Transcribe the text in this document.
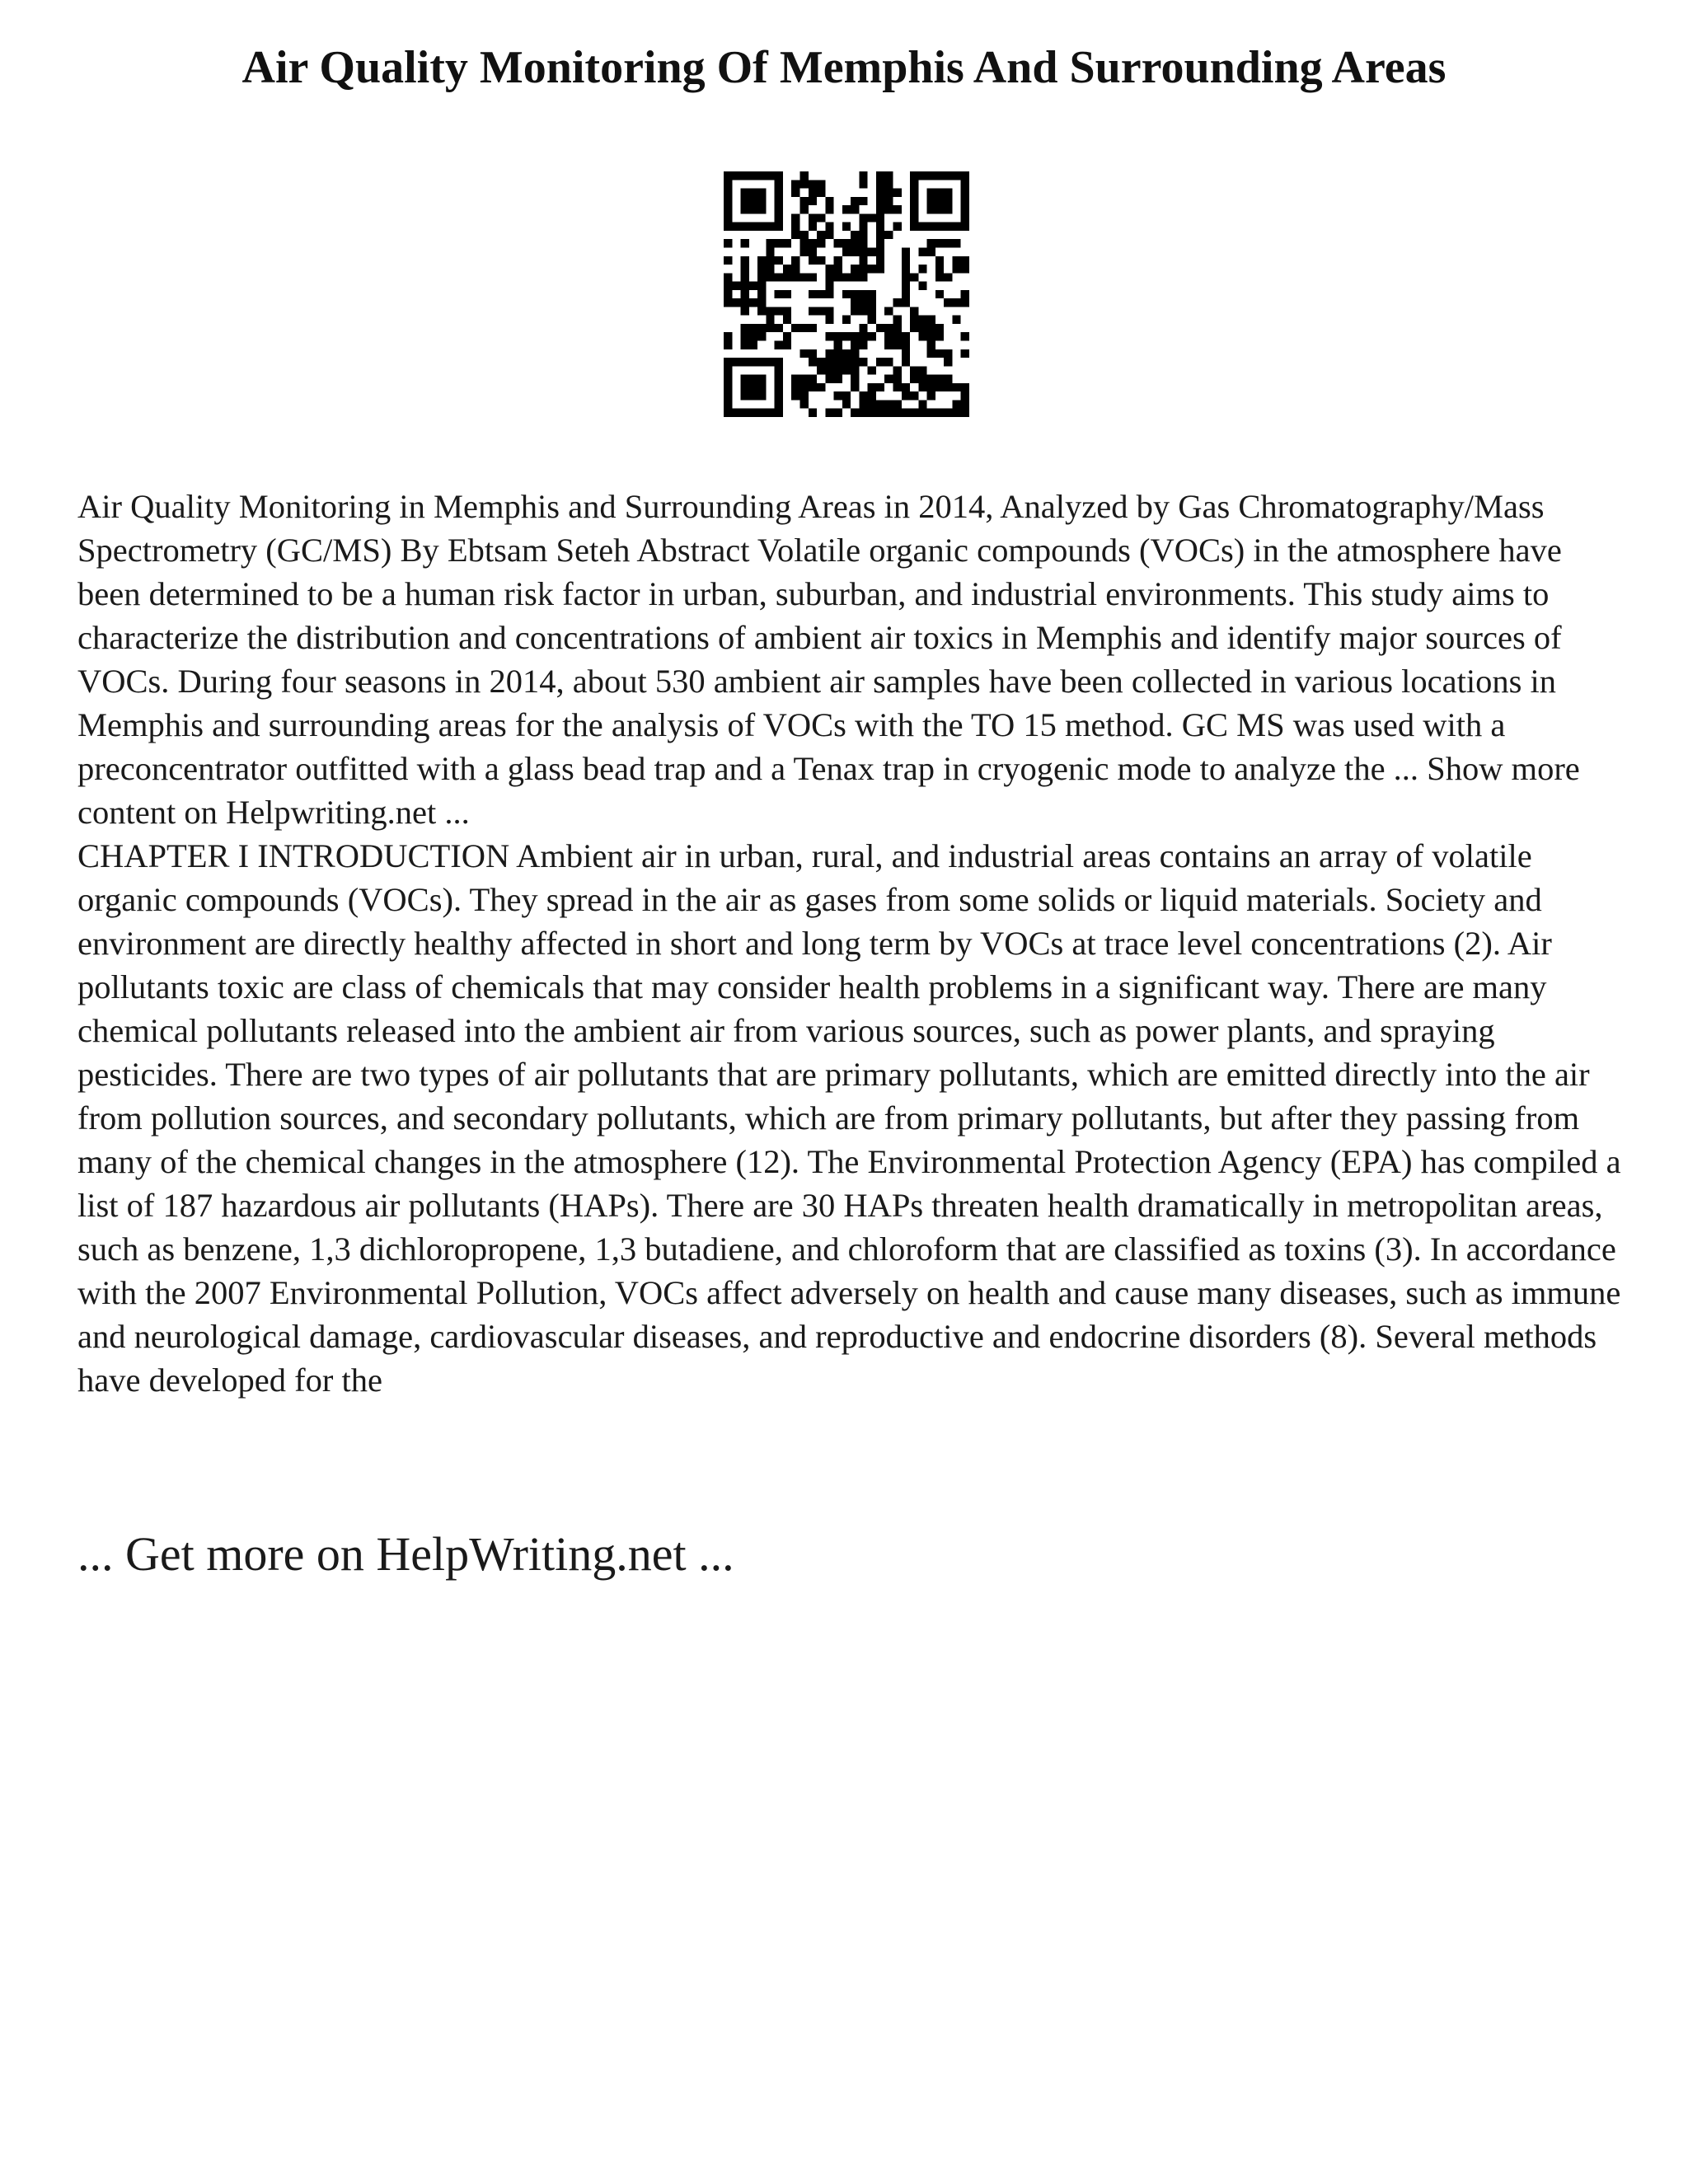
Air Quality Monitoring Of Memphis And Surrounding Areas

Air Quality Monitoring in Memphis and Surrounding Areas in 2014, Analyzed by Gas Chromatography/Mass Spectrometry (GC/MS) By Ebtsam Seteh Abstract Volatile organic compounds (VOCs) in the atmosphere have been determined to be a human risk factor in urban, suburban, and industrial environments. This study aims to characterize the distribution and concentrations of ambient air toxics in Memphis and identify major sources of VOCs. During four seasons in 2014, about 530 ambient air samples have been collected in various locations in Memphis and surrounding areas for the analysis of VOCs with the TO 15 method. GC MS was used with a preconcentrator outfitted with a glass bead trap and a Tenax trap in cryogenic mode to analyze the ... Show more content on Helpwriting.net ...

CHAPTER I INTRODUCTION Ambient air in urban, rural, and industrial areas contains an array of volatile organic compounds (VOCs). They spread in the air as gases from some solids or liquid materials. Society and environment are directly healthy affected in short and long term by VOCs at trace level concentrations (2). Air pollutants toxic are class of chemicals that may consider health problems in a significant way. There are many chemical pollutants released into the ambient air from various sources, such as power plants, and spraying pesticides. There are two types of air pollutants that are primary pollutants, which are emitted directly into the air from pollution sources, and secondary pollutants, which are from primary pollutants, but after they passing from many of the chemical changes in the atmosphere (12). The Environmental Protection Agency (EPA) has compiled a list of 187 hazardous air pollutants (HAPs). There are 30 HAPs threaten health dramatically in metropolitan areas, such as benzene, 1,3 dichloropropene, 1,3 butadiene, and chloroform that are classified as toxins (3). In accordance with the 2007 Environmental Pollution, VOCs affect adversely on health and cause many diseases, such as immune and neurological damage, cardiovascular diseases, and reproductive and endocrine disorders (8). Several methods have developed for the

... Get more on HelpWriting.net ...
